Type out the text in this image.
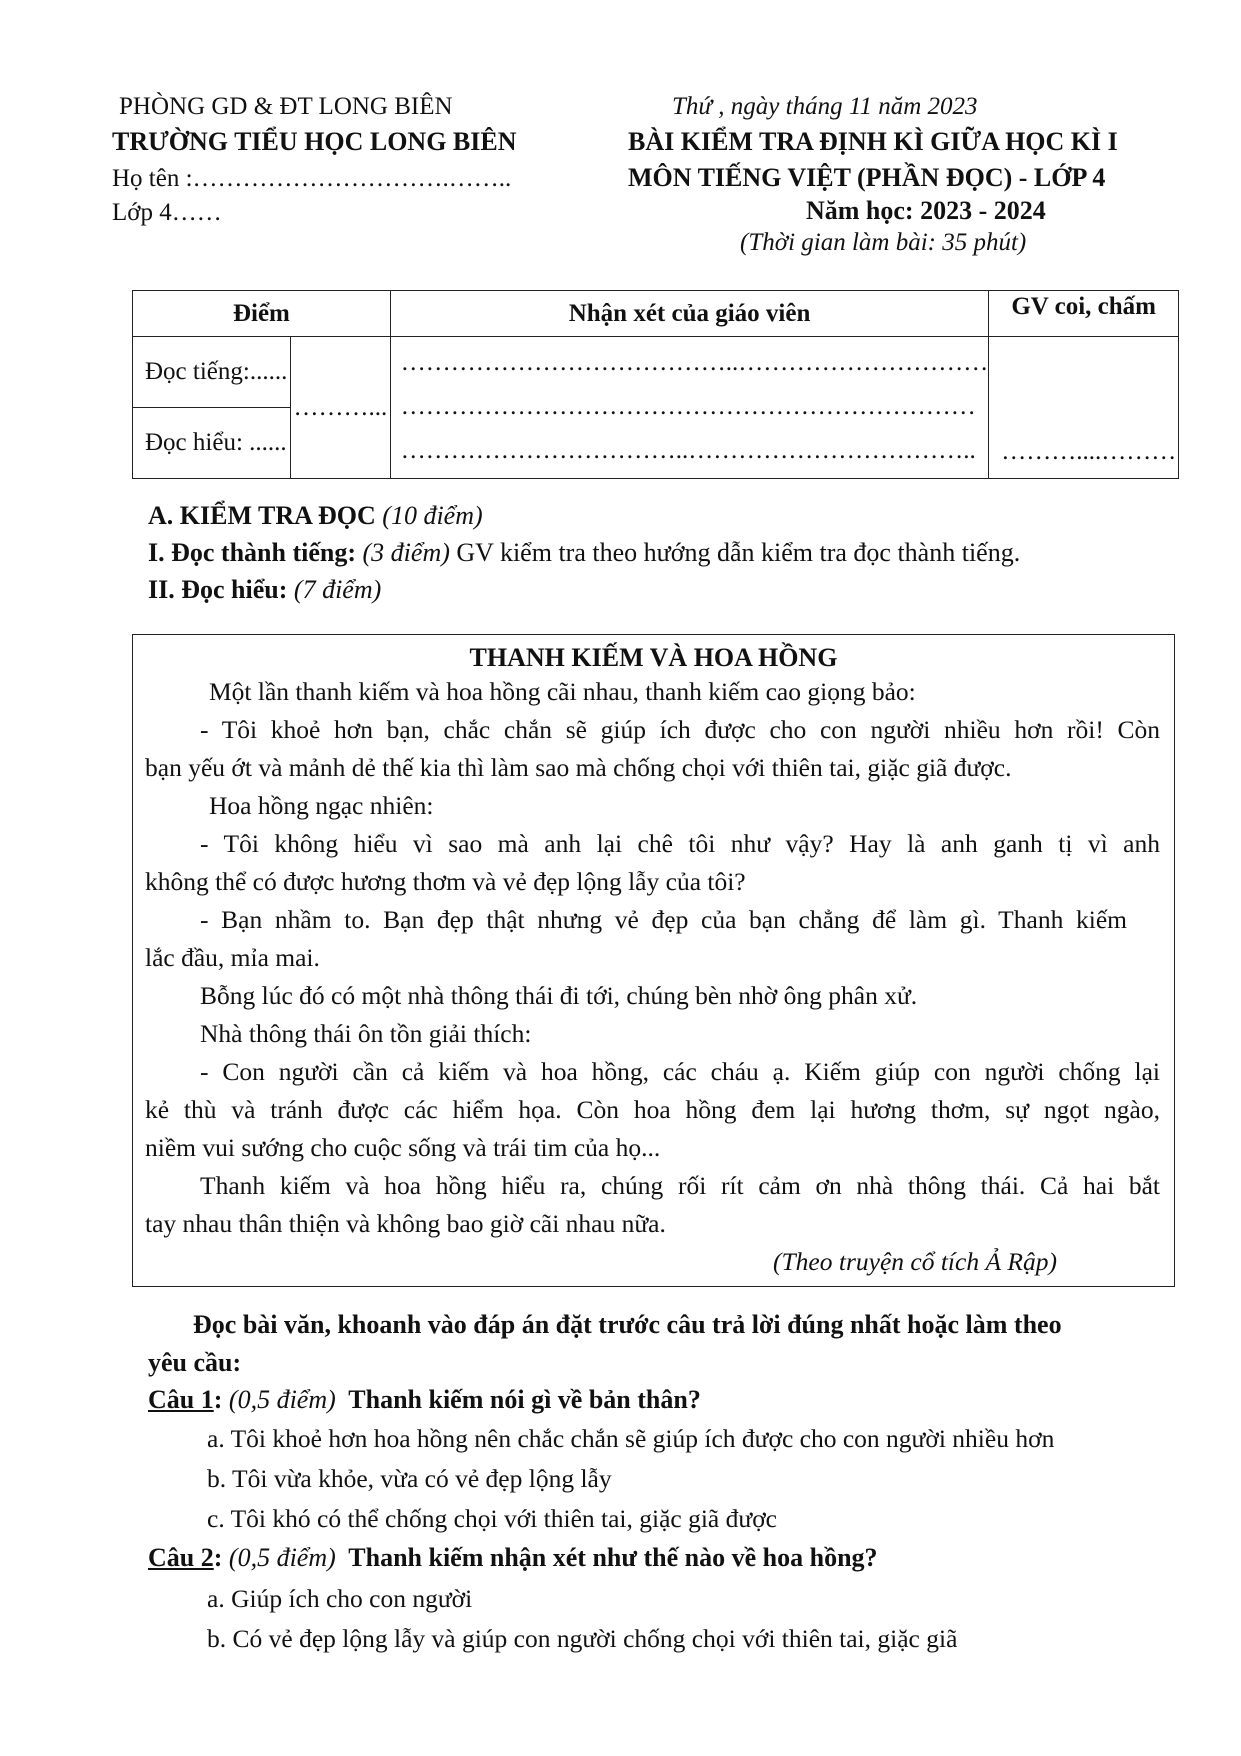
PHÒNG GD & ĐT LONG BIÊN
TRƯỜNG TIỂU HỌC LONG BIÊN
Họ tên :………………………….……..
Lớp 4……
Thứ , ngày tháng 11 năm 2023
BÀI KIỂM TRA ĐỊNH KÌ GIỮA HỌC KÌ I
MÔN TIẾNG VIỆT (PHẦN ĐỌC) - LỚP 4
Năm học: 2023 - 2024
(Thời gian làm bài: 35 phút)
Điểm		Nhận xét của giáo viên	GV coi, chấm
Đọc tiếng:......	………...	…………………………………..…………………………
……………………………………………………………
……………………………..……………………………..	………....………
Đọc hiểu: ......			
A. KIỂM TRA ĐỌC (10 điểm)
I. Đọc thành tiếng: (3 điểm) GV kiểm tra theo hướng dẫn kiểm tra đọc thành tiếng.
II. Đọc hiểu: (7 điểm)
THANH KIẾM VÀ HOA HỒNG
Một lần thanh kiếm và hoa hồng cãi nhau, thanh kiếm cao giọng bảo:
- Tôi khoẻ hơn bạn, chắc chắn sẽ giúp ích được cho con người nhiều hơn rồi! Còn
bạn yếu ớt và mảnh dẻ thế kia thì làm sao mà chống chọi với thiên tai, giặc giã được.
Hoa hồng ngạc nhiên:
- Tôi không hiểu vì sao mà anh lại chê tôi như vậy? Hay là anh ganh tị vì anh
không thể có được hương thơm và vẻ đẹp lộng lẫy của tôi?
- Bạn nhầm to. Bạn đẹp thật nhưng vẻ đẹp của bạn chẳng để làm gì. Thanh kiếm
lắc đầu, mỉa mai.
Bỗng lúc đó có một nhà thông thái đi tới, chúng bèn nhờ ông phân xử.
Nhà thông thái ôn tồn giải thích:
- Con người cần cả kiếm và hoa hồng, các cháu ạ. Kiếm giúp con người chống lại
kẻ thù và tránh được các hiểm họa. Còn hoa hồng đem lại hương thơm, sự ngọt ngào,
niềm vui sướng cho cuộc sống và trái tim của họ...
Thanh kiếm và hoa hồng hiểu ra, chúng rối rít cảm ơn nhà thông thái. Cả hai bắt
tay nhau thân thiện và không bao giờ cãi nhau nữa.
(Theo truyện cổ tích Ả Rập)
Đọc bài văn, khoanh vào đáp án đặt trước câu trả lời đúng nhất hoặc làm theo
yêu cầu:
Câu 1: (0,5 điểm) Thanh kiếm nói gì về bản thân?
a. Tôi khoẻ hơn hoa hồng nên chắc chắn sẽ giúp ích được cho con người nhiều hơn
b. Tôi vừa khỏe, vừa có vẻ đẹp lộng lẫy
c. Tôi khó có thể chống chọi với thiên tai, giặc giã được
Câu 2: (0,5 điểm) Thanh kiếm nhận xét như thế nào về hoa hồng?
a. Giúp ích cho con người
b. Có vẻ đẹp lộng lẫy và giúp con người chống chọi với thiên tai, giặc giã
